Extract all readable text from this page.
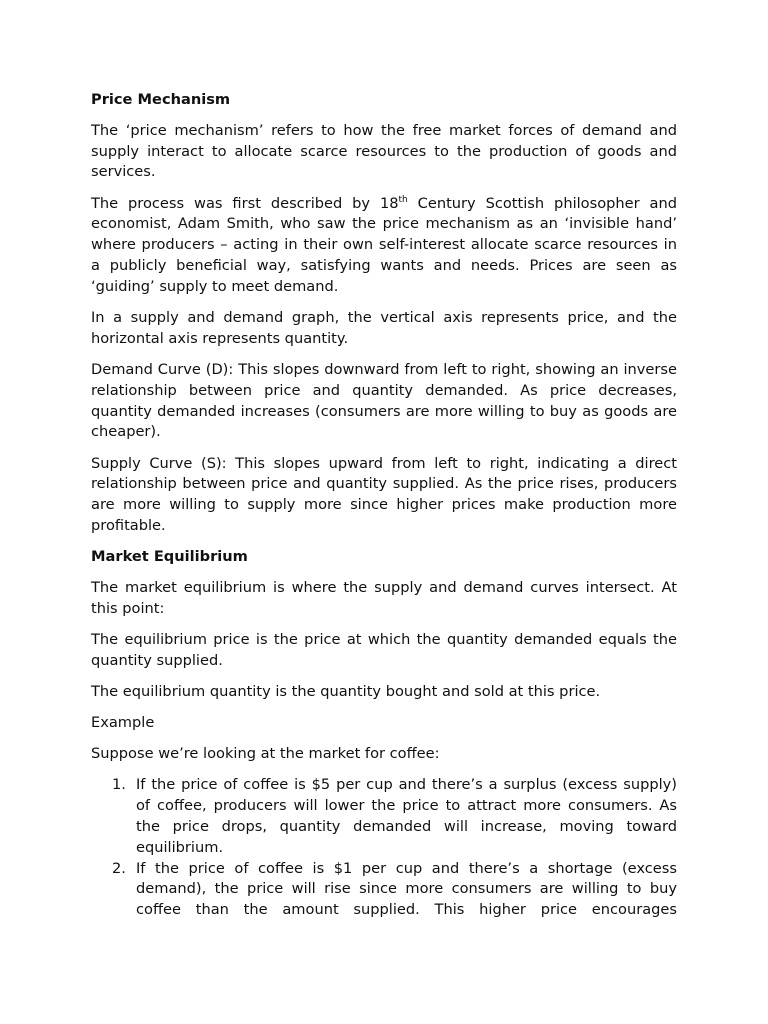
Price Mechanism

The ‘price mechanism’ refers to how the free market forces of demand and supply interact to allocate scarce resources to the production of goods and services.

The process was first described by 18th Century Scottish philosopher and economist, Adam Smith, who saw the price mechanism as an ‘invisible hand’ where producers – acting in their own self-interest allocate scarce resources in a publicly beneficial way, satisfying wants and needs. Prices are seen as ‘guiding’ supply to meet demand.

In a supply and demand graph, the vertical axis represents price, and the horizontal axis represents quantity.

Demand Curve (D): This slopes downward from left to right, showing an inverse relationship between price and quantity demanded. As price decreases, quantity demanded increases (consumers are more willing to buy as goods are cheaper).

Supply Curve (S): This slopes upward from left to right, indicating a direct relationship between price and quantity supplied. As the price rises, producers are more willing to supply more since higher prices make production more profitable.

Market Equilibrium

The market equilibrium is where the supply and demand curves intersect. At this point:

The equilibrium price is the price at which the quantity demanded equals the quantity supplied.

The equilibrium quantity is the quantity bought and sold at this price.

Example

Suppose we’re looking at the market for coffee:

1. If the price of coffee is $5 per cup and there’s a surplus (excess supply) of coffee, producers will lower the price to attract more consumers. As the price drops, quantity demanded will increase, moving toward equilibrium.
2. If the price of coffee is $1 per cup and there’s a shortage (excess demand), the price will rise since more consumers are willing to buy coffee than the amount supplied. This higher price encourages
